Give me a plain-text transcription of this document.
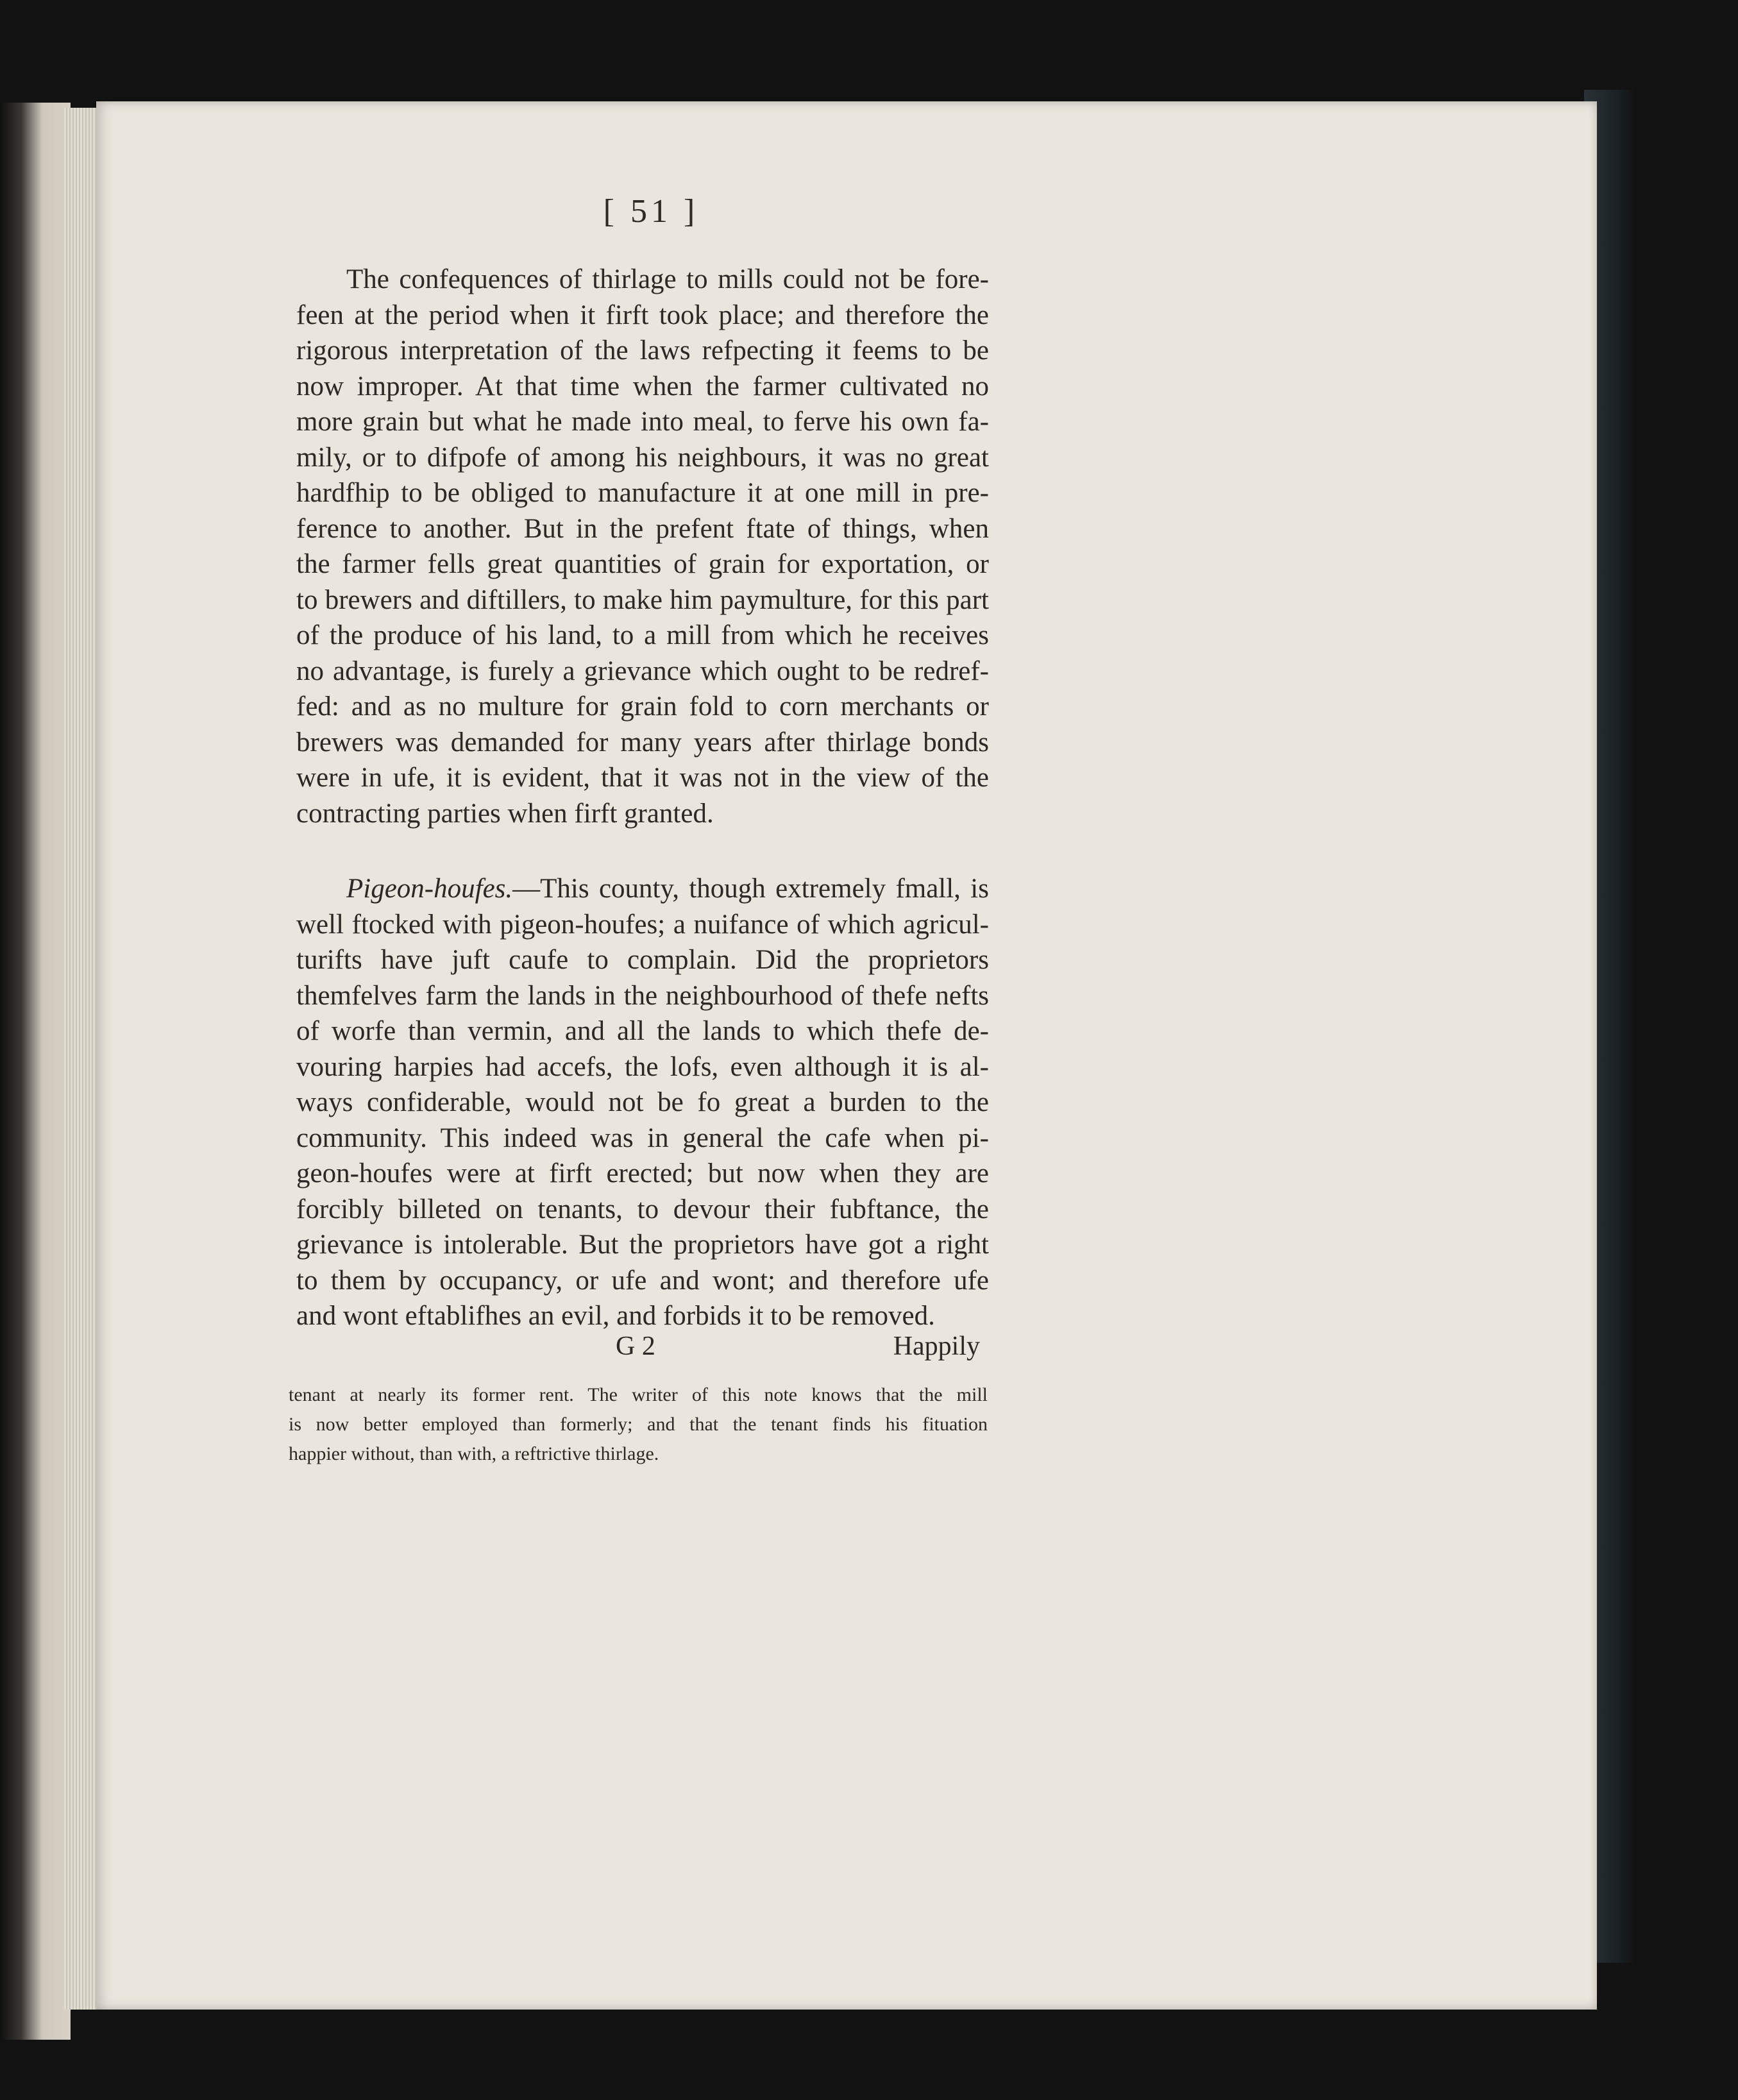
[ 51 ]
The confequences of thirlage to mills could not be fore-
feen at the period when it firft took place; and therefore the
rigorous interpretation of the laws refpecting it feems to be
now improper. At that time when the farmer cultivated no
more grain but what he made into meal, to ferve his own fa-
mily, or to difpofe of among his neighbours, it was no great
hardfhip to be obliged to manufacture it at one mill in pre-
ference to another. But in the prefent ftate of things, when
the farmer fells great quantities of grain for exportation, or
to brewers and diftillers, to make him paymulture, for this part
of the produce of his land, to a mill from which he receives
no advantage, is furely a grievance which ought to be redref-
fed: and as no multure for grain fold to corn merchants or
brewers was demanded for many years after thirlage bonds
were in ufe, it is evident, that it was not in the view of the
contracting parties when firft granted.
Pigeon-houfes.—This county, though extremely fmall, is
well ftocked with pigeon-houfes; a nuifance of which agricul-
turifts have juft caufe to complain. Did the proprietors
themfelves farm the lands in the neighbourhood of thefe nefts
of worfe than vermin, and all the lands to which thefe de-
vouring harpies had accefs, the lofs, even although it is al-
ways confiderable, would not be fo great a burden to the
community. This indeed was in general the cafe when pi-
geon-houfes were at firft erected; but now when they are
forcibly billeted on tenants, to devour their fubftance, the
grievance is intolerable. But the proprietors have got a right
to them by occupancy, or ufe and wont; and therefore ufe
and wont eftablifhes an evil, and forbids it to be removed.
G 2	Happily
tenant at nearly its former rent. The writer of this note knows that the mill
is now better employed than formerly; and that the tenant finds his fituation
happier without, than with, a reftrictive thirlage.
